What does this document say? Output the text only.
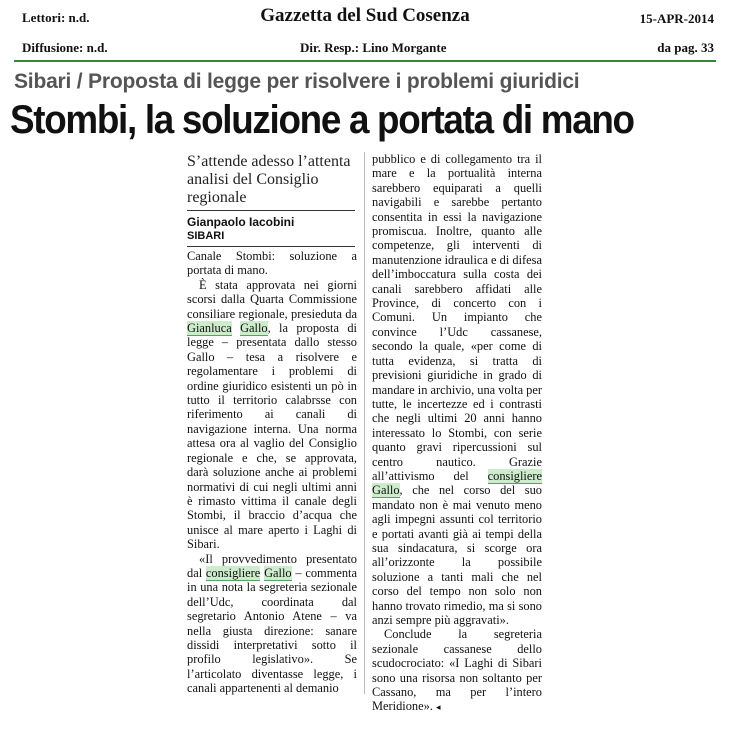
Lettori: n.d.	Gazzetta del Sud Cosenza	15-APR-2014
Diffusione: n.d.	Dir. Resp.: Lino Morgante	da pag. 33
Sibari / Proposta di legge per risolvere i problemi giuridici
Stombi, la soluzione a portata di mano
S’attende adesso l’attenta analisi del Consiglio regionale
Gianpaolo Iacobini
SIBARI

Canale Stombi: soluzione a portata di mano.

È stata approvata nei giorni scorsi dalla Quarta Commissione consiliare regionale, presieduta da Gianluca Gallo, la proposta di legge – presentata dallo stesso Gallo – tesa a risolvere e regolamentare i problemi di ordine giuridico esistenti un pò in tutto il territorio calabrsse con riferimento ai canali di navigazione interna. Una norma attesa ora al vaglio del Consiglio regionale e che, se approvata, darà soluzione anche ai problemi normativi di cui negli ultimi anni è rimasto vittima il canale degli Stombi, il braccio d’acqua che unisce al mare aperto i Laghi di Sibari.

«Il provvedimento presentato dal consigliere Gallo – commenta in una nota la segreteria sezionale dell’Udc, coordinata dal segretario Antonio Atene – va nella giusta direzione: sanare dissidi interpretativi sotto il profilo legislativo». Se l’articolato diventasse legge, i canali appartenenti al demanio

pubblico e di collegamento tra il mare e la portualità interna sarebbero equiparati a quelli navigabili e sarebbe pertanto consentita in essi la navigazione promiscua. Inoltre, quanto alle competenze, gli interventi di manutenzione idraulica e di difesa dell’imboccatura sulla costa dei canali sarebbero affidati alle Province, di concerto con i Comuni. Un impianto che convince l’Udc cassanese, secondo la quale, «per come di tutta evidenza, si tratta di previsioni giuridiche in grado di mandare in archivio, una volta per tutte, le incertezze ed i contrasti che negli ultimi 20 anni hanno interessato lo Stombi, con serie quanto gravi ripercussioni sul centro nautico. Grazie all’attivismo del consigliere Gallo, che nel corso del suo mandato non è mai venuto meno agli impegni assunti col territorio e portati avanti già ai tempi della sua sindacatura, si scorge ora all’orizzonte la possibile soluzione a tanti mali che nel corso del tempo non solo non hanno trovato rimedio, ma si sono anzi sempre più aggravati».

Conclude la segreteria sezionale cassanese dello scudocrociato: «I Laghi di Sibari sono una risorsa non soltanto per Cassano, ma per l’intero Meridione». ◂
